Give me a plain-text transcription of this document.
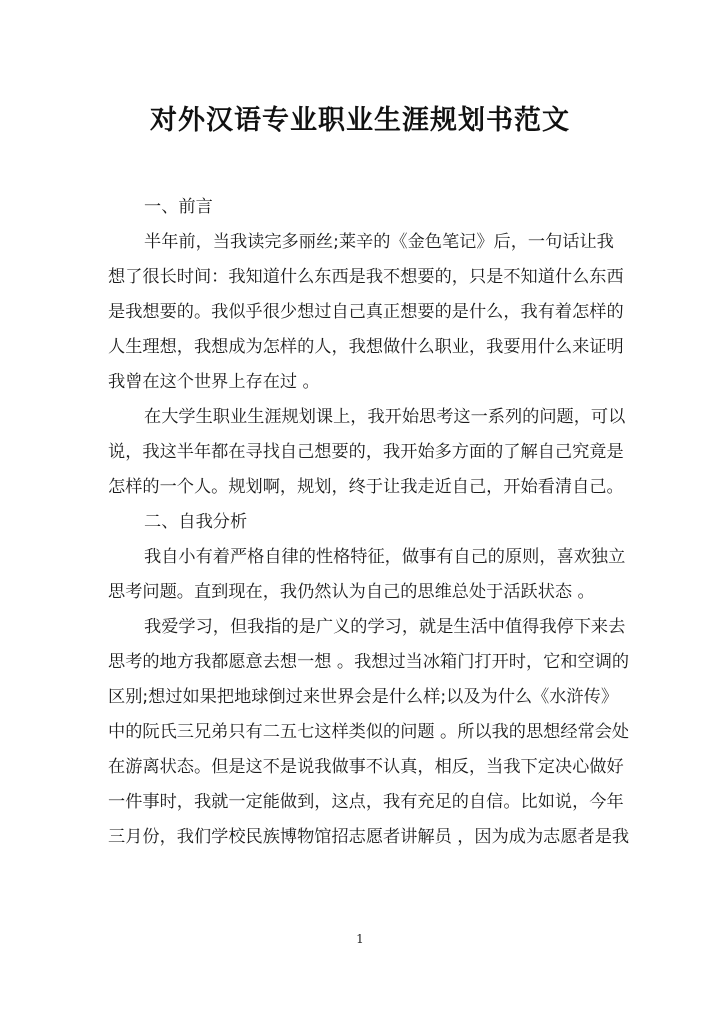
对外汉语专业职业生涯规划书范文

一、前言

半年前，当我读完多丽丝;莱辛的《金色笔记》后，一句话让我

想了很长时间：我知道什么东西是我不想要的，只是不知道什么东西

是我想要的。我似乎很少想过自己真正想要的是什么，我有着怎样的

人生理想，我想成为怎样的人，我想做什么职业，我要用什么来证明

我曾在这个世界上存在过 。

在大学生职业生涯规划课上，我开始思考这一系列的问题，可以

说，我这半年都在寻找自己想要的，我开始多方面的了解自己究竟是

怎样的一个人。规划啊，规划，终于让我走近自己，开始看清自己。

二、自我分析

我自小有着严格自律的性格特征，做事有自己的原则，喜欢独立

思考问题。直到现在，我仍然认为自己的思维总处于活跃状态 。

我爱学习，但我指的是广义的学习，就是生活中值得我停下来去

思考的地方我都愿意去想一想 。我想过当冰箱门打开时，它和空调的

区别;想过如果把地球倒过来世界会是什么样;以及为什么《水浒传》

中的阮氏三兄弟只有二五七这样类似的问题 。所以我的思想经常会处

在游离状态。但是这不是说我做事不认真，相反，当我下定决心做好

一件事时，我就一定能做到，这点，我有充足的自信。比如说，今年

三月份，我们学校民族博物馆招志愿者讲解员 ，因为成为志愿者是我

1
